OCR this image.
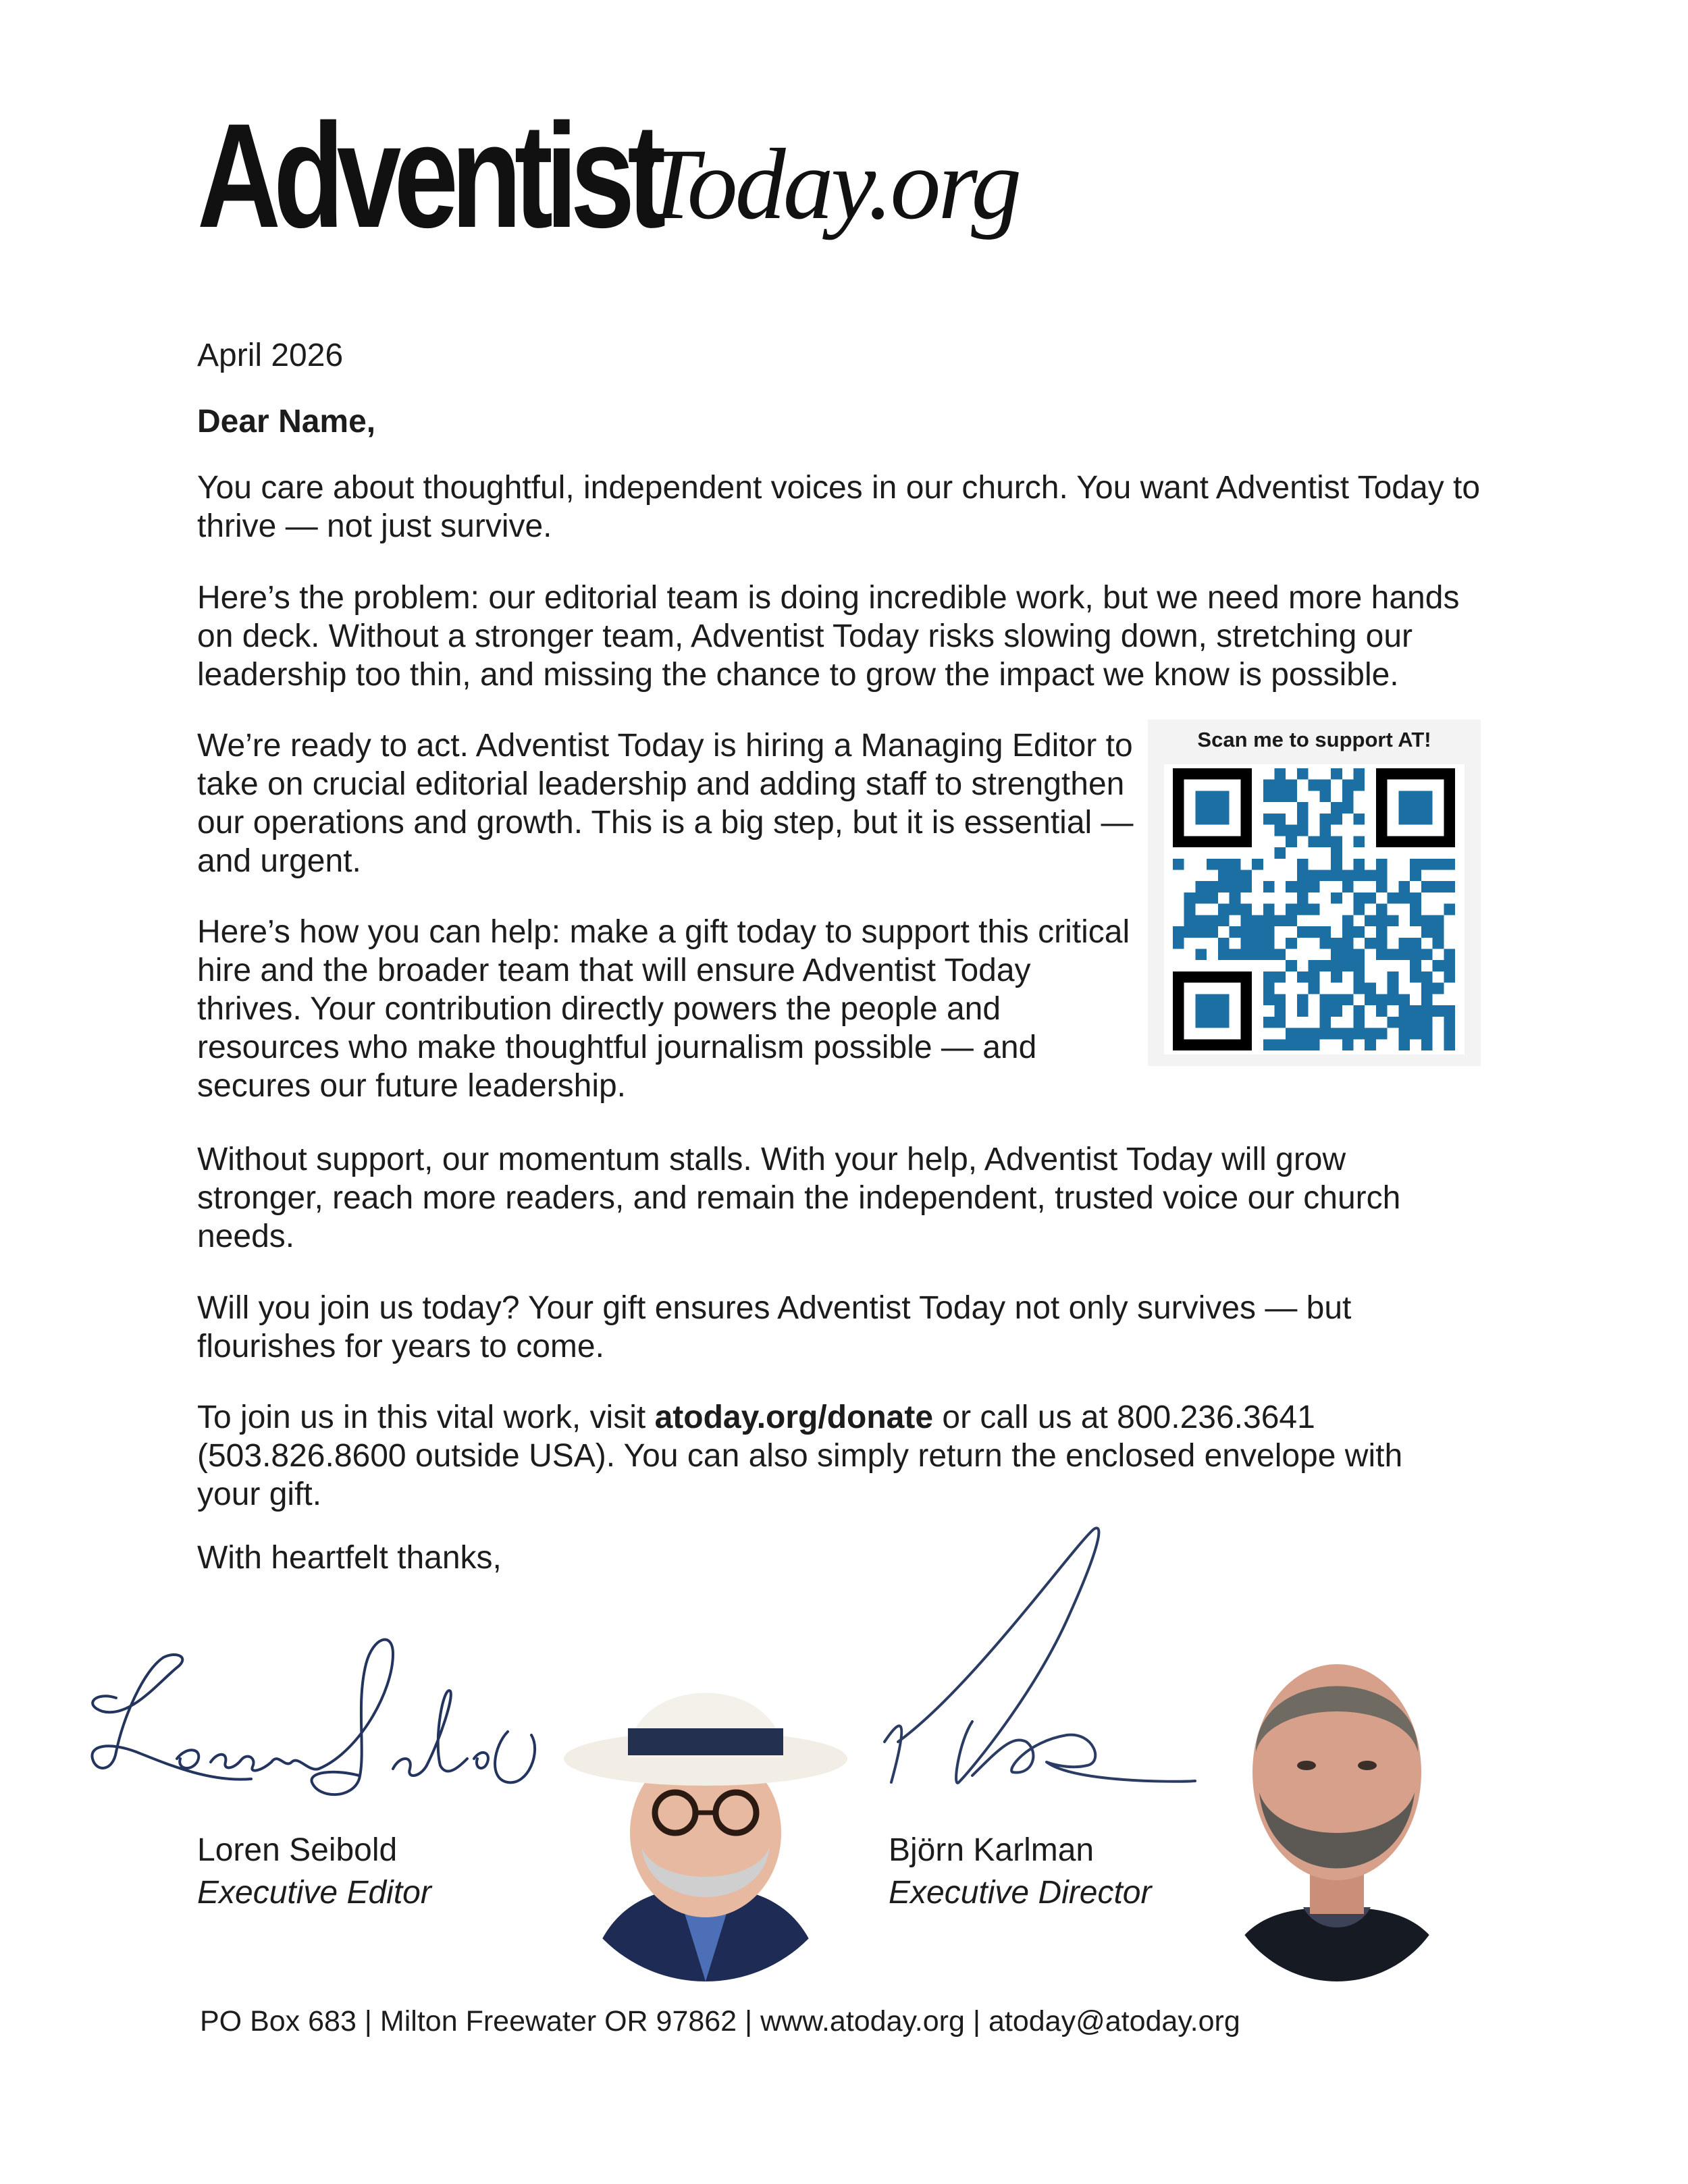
Adventist
Today.org
April 2026
Dear Name,
You care about thoughtful, independent voices in our church. You want Adventist Today to thrive — not just survive.
Here’s the problem: our editorial team is doing incredible work, but we need more hands on deck. Without a stronger team, Adventist Today risks slowing down, stretching our leadership too thin, and missing the chance to grow the impact we know is possible.
We’re ready to act. Adventist Today is hiring a Managing Editor to take on crucial editorial leadership and adding staff to strengthen our operations and growth. This is a big step, but it is essential — and urgent.
Here’s how you can help: make a gift today to support this critical hire and the broader team that will ensure Adventist Today thrives. Your contribution directly powers the people and resources who make thoughtful journalism possible — and secures our future leadership.
Without support, our momentum stalls. With your help, Adventist Today will grow stronger, reach more readers, and remain the independent, trusted voice our church needs.
Will you join us today? Your gift ensures Adventist Today not only survives — but flourishes for years to come.
To join us in this vital work, visit atoday.org/donate or call us at 800.236.3641 (503.826.8600 outside USA). You can also simply return the enclosed envelope with your gift.
Scan me to support AT!
With heartfelt thanks,
Loren Seibold
Executive Editor
Björn Karlman
Executive Director
PO Box 683 | Milton Freewater OR 97862 | www.atoday.org | atoday@atoday.org
